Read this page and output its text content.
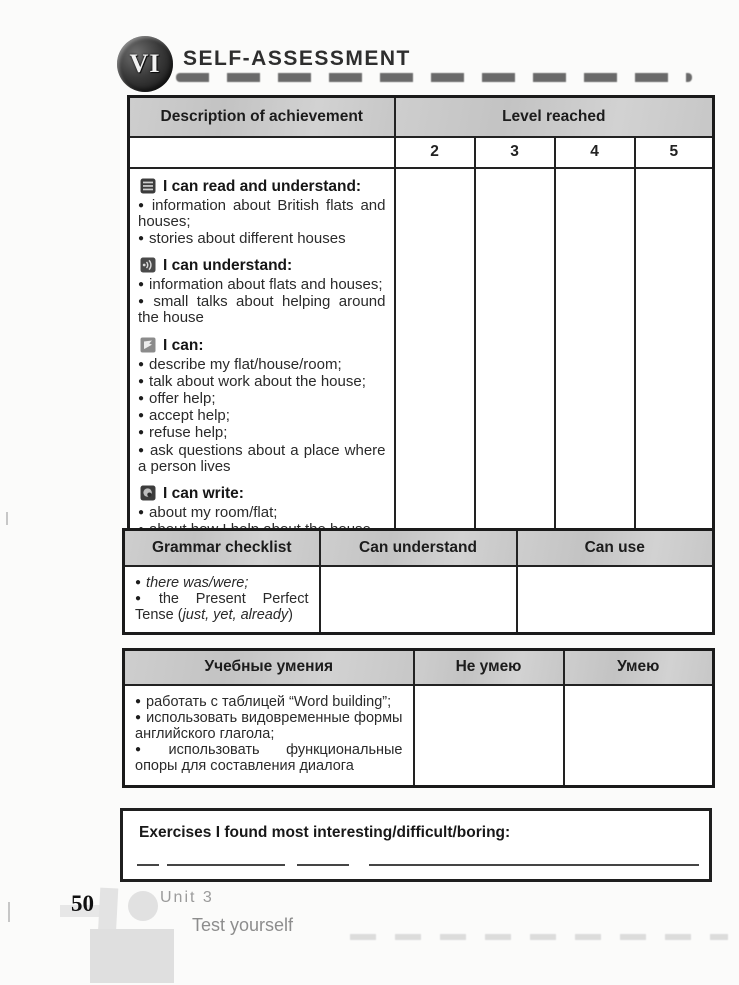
VI SELF-ASSESSMENT
Description of achievement	Level reached			
	2	3	4	5

I can read and understand:
● information about British flats and houses;
● stories about different houses
I can understand:
● information about flats and houses;
● small talks about helping around the house
I can:
● describe my flat/house/room;
● talk about work about the house;
● offer help;
● accept help;
● refuse help;
● ask questions about a place where a person lives
I can write:
● about my room/flat;

Grammar checklist	Can understand	Can use

● there was/were;
● the Present Perfect Tense (just, yet, already)		

Учебные умения	Не умею	Умею

● работать с таблицей “Word building”;
● использовать видовременные формы английского глагола;
● использовать функциональные опоры для составления диалога		

Exercises I found most interesting/difficult/boring:
50	Unit 3
Test yourself
